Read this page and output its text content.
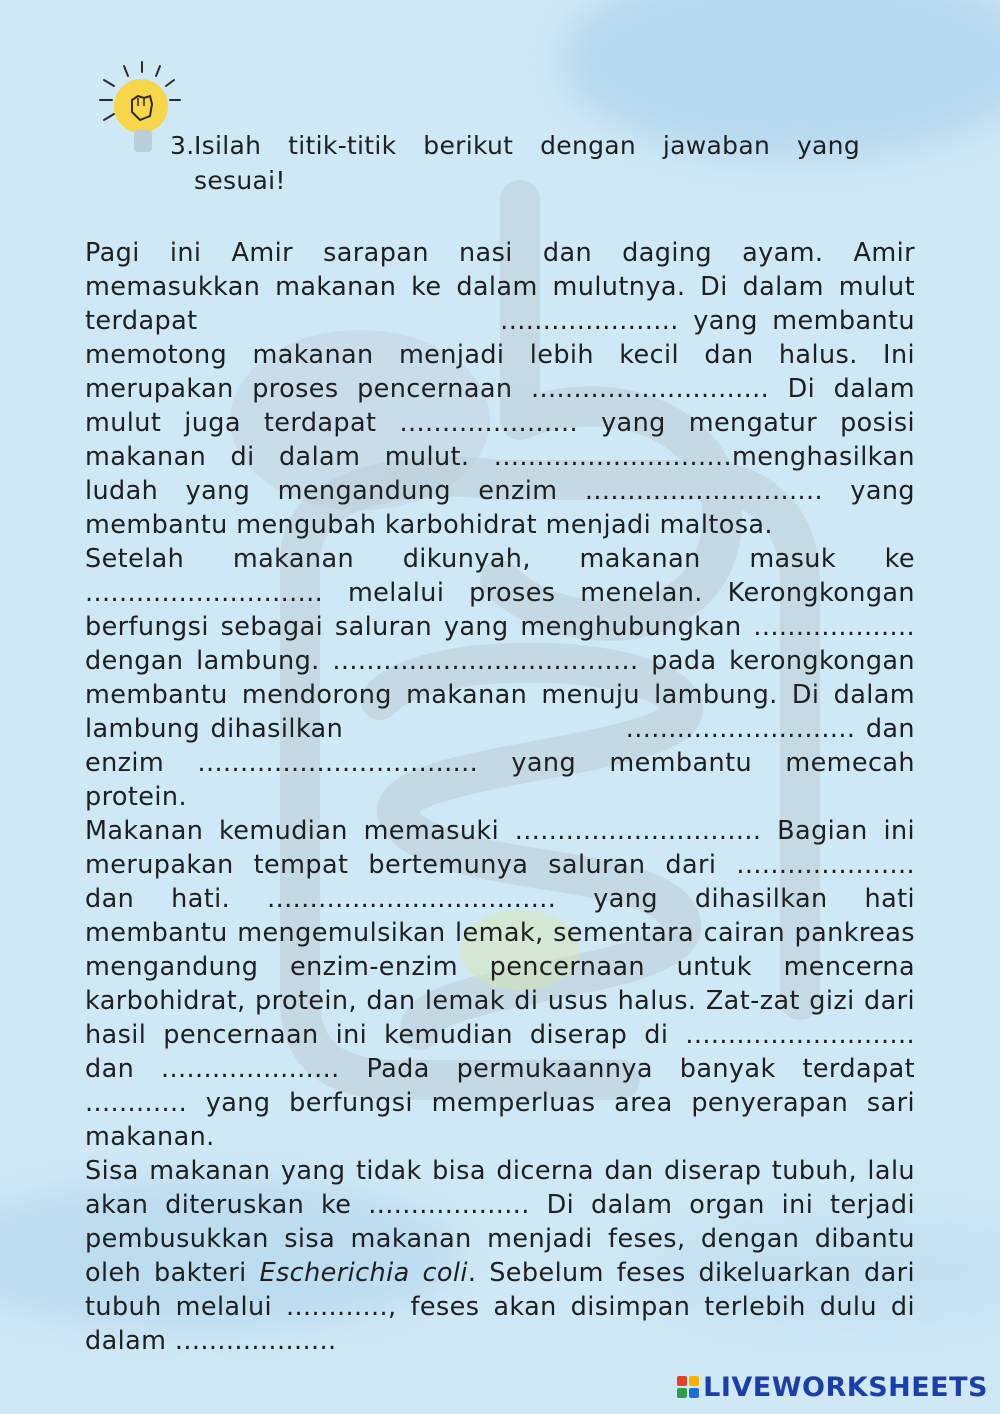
3. Isilah titik-titik berikut dengan jawaban yang sesuai!

Pagi ini Amir sarapan nasi dan daging ayam. Amir memasukkan makanan ke dalam mulutnya. Di dalam mulut terdapat                     ..................... yang membantu memotong makanan menjadi lebih kecil dan halus. Ini merupakan proses pencernaan ............................ Di dalam mulut juga terdapat ..................... yang mengatur posisi makanan di dalam mulut. ............................menghasilkan ludah yang mengandung enzim ............................ yang membantu mengubah karbohidrat menjadi maltosa.

Setelah makanan dikunyah, makanan masuk ke ............................ melalui proses menelan. Kerongkongan berfungsi sebagai saluran yang menghubungkan ................... dengan lambung. .................................... pada kerongkongan membantu mendorong makanan menuju lambung. Di dalam lambung dihasilkan                           ........................... dan enzim ................................. yang membantu memecah protein.

Makanan kemudian memasuki ............................. Bagian ini merupakan tempat bertemunya saluran dari ..................... dan hati. .................................. yang dihasilkan hati membantu mengemulsikan lemak, sementara cairan pankreas mengandung enzim-enzim pencernaan untuk mencerna karbohidrat, protein, dan lemak di usus halus. Zat-zat gizi dari hasil pencernaan ini kemudian diserap di ........................... dan ..................... Pada permukaannya banyak terdapat ............ yang berfungsi memperluas area penyerapan sari makanan.

Sisa makanan yang tidak bisa dicerna dan diserap tubuh, lalu akan diteruskan ke ................... Di dalam organ ini terjadi pembusukkan sisa makanan menjadi feses, dengan dibantu oleh bakteri Escherichia coli. Sebelum feses dikeluarkan dari tubuh melalui ............, feses akan disimpan terlebih dulu di dalam ...................

LIVEWORKSHEETS
